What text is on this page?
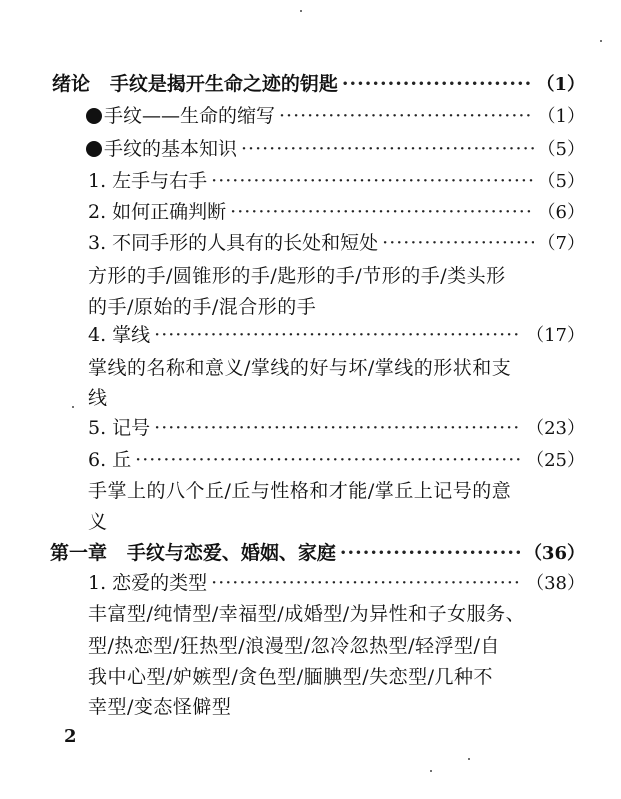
绪论 手纹是揭开生命之迹的钥匙 ·····	（1）
手纹——生命的缩写 ·····	（1）
手纹的基本知识 ·····	（5）
1. 左手与右手 ·····	（5）
2. 如何正确判断 ·····	（6）
3. 不同手形的人具有的长处和短处 ·····	（7）
方形的手/圆锥形的手/匙形的手/节形的手/类头形
的手/原始的手/混合形的手
4. 掌线 ·····	（17）
掌线的名称和意义/掌线的好与坏/掌线的形状和支
线
5. 记号 ·····	（23）
6. 丘 ·····	（25）
手掌上的八个丘/丘与性格和才能/掌丘上记号的意
义
第一章 手纹与恋爱、婚姻、家庭 ·····	（36）
1. 恋爱的类型 ·····	（38）
丰富型/纯情型/幸福型/成婚型/为异性和子女服务、
型/热恋型/狂热型/浪漫型/忽冷忽热型/轻浮型/自
我中心型/妒嫉型/贪色型/腼腆型/失恋型/几种不
幸型/变态怪僻型
2
